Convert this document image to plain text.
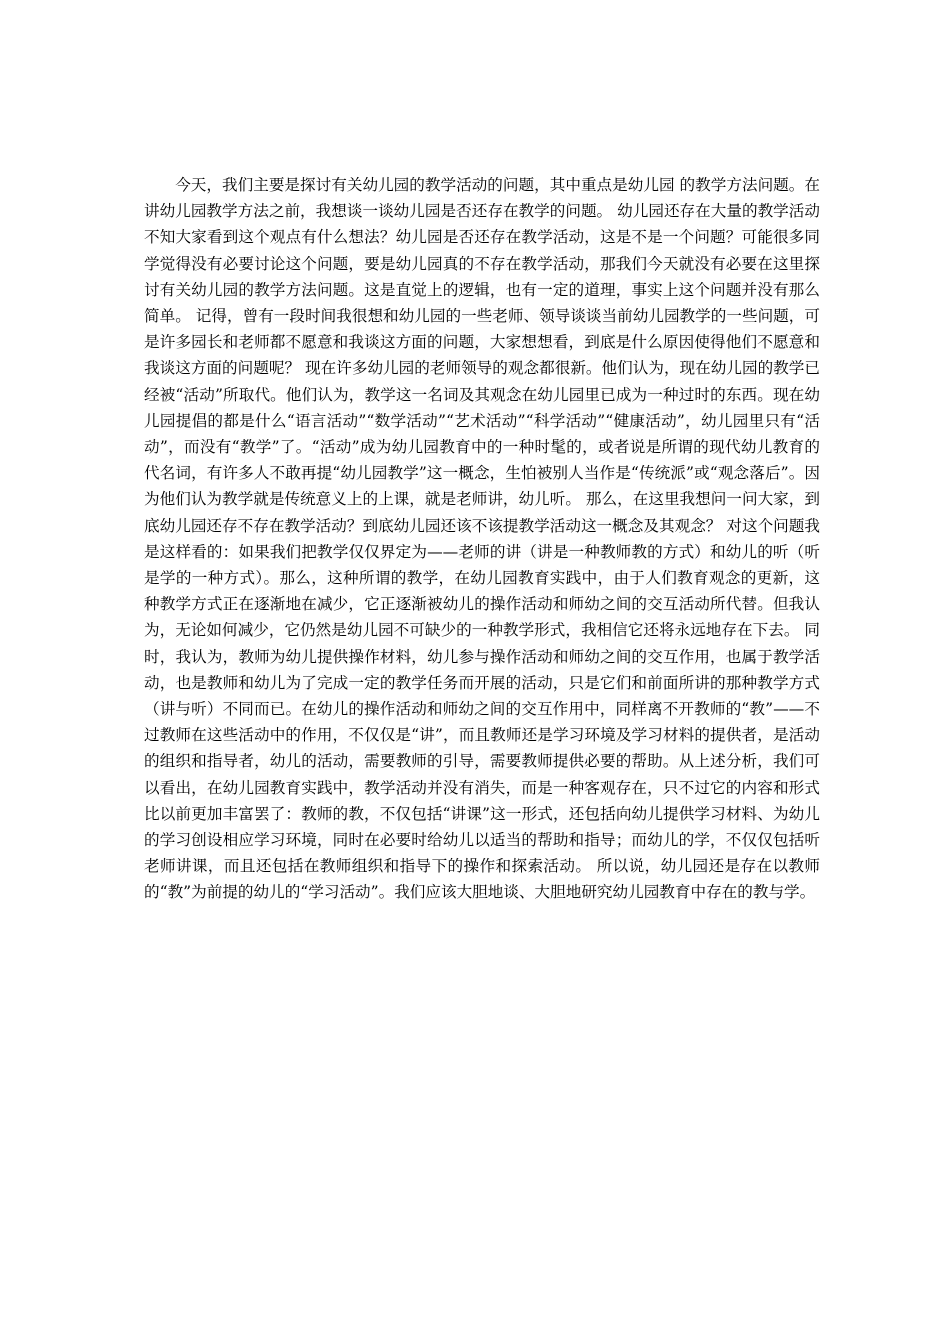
今天，我们主要是探讨有关幼儿园的教学活动的问题，其中重点是幼儿园 的教学方法问题。在讲幼儿园教学方法之前，我想谈一谈幼儿园是否还存在教学的问题。 幼儿园还存在大量的教学活动 不知大家看到这个观点有什么想法？幼儿园是否还存在教学活动，这是不是一个问题？可能很多同学觉得没有必要讨论这个问题，要是幼儿园真的不存在教学活动，那我们今天就没有必要在这里探讨有关幼儿园的教学方法问题。这是直觉上的逻辑，也有一定的道理，事实上这个问题并没有那么简单。 记得，曾有一段时间我很想和幼儿园的一些老师、领导谈谈当前幼儿园教学的一些问题，可是许多园长和老师都不愿意和我谈这方面的问题，大家想想看，到底是什么原因使得他们不愿意和我谈这方面的问题呢？ 现在许多幼儿园的老师领导的观念都很新。他们认为，现在幼儿园的教学已经被“活动”所取代。他们认为，教学这一名词及其观念在幼儿园里已成为一种过时的东西。现在幼儿园提倡的都是什么“语言活动”“数学活动”“艺术活动”“科学活动”“健康活动”，幼儿园里只有“活动”，而没有“教学”了。“活动”成为幼儿园教育中的一种时髦的，或者说是所谓的现代幼儿教育的代名词，有许多人不敢再提“幼儿园教学”这一概念，生怕被别人当作是“传统派”或“观念落后”。因为他们认为教学就是传统意义上的上课，就是老师讲，幼儿听。 那么，在这里我想问一问大家，到底幼儿园还存不存在教学活动？到底幼儿园还该不该提教学活动这一概念及其观念？ 对这个问题我是这样看的：如果我们把教学仅仅界定为——老师的讲（讲是一种教师教的方式）和幼儿的听（听是学的一种方式）。那么，这种所谓的教学，在幼儿园教育实践中，由于人们教育观念的更新，这种教学方式正在逐渐地在减少，它正逐渐被幼儿的操作活动和师幼之间的交互活动所代替。但我认为，无论如何减少，它仍然是幼儿园不可缺少的一种教学形式，我相信它还将永远地存在下去。 同时，我认为，教师为幼儿提供操作材料，幼儿参与操作活动和师幼之间的交互作用，也属于教学活动，也是教师和幼儿为了完成一定的教学任务而开展的活动，只是它们和前面所讲的那种教学方式（讲与听）不同而已。在幼儿的操作活动和师幼之间的交互作用中，同样离不开教师的“教”——不过教师在这些活动中的作用，不仅仅是“讲”，而且教师还是学习环境及学习材料的提供者，是活动的组织和指导者，幼儿的活动，需要教师的引导，需要教师提供必要的帮助。从上述分析，我们可以看出，在幼儿园教育实践中，教学活动并没有消失，而是一种客观存在，只不过它的内容和形式比以前更加丰富罢了：教师的教，不仅包括“讲课”这一形式，还包括向幼儿提供学习材料、为幼儿的学习创设相应学习环境，同时在必要时给幼儿以适当的帮助和指导；而幼儿的学，不仅仅包括听老师讲课，而且还包括在教师组织和指导下的操作和探索活动。 所以说，幼儿园还是存在以教师的“教”为前提的幼儿的“学习活动”。我们应该大胆地谈、大胆地研究幼儿园教育中存在的教与学。
